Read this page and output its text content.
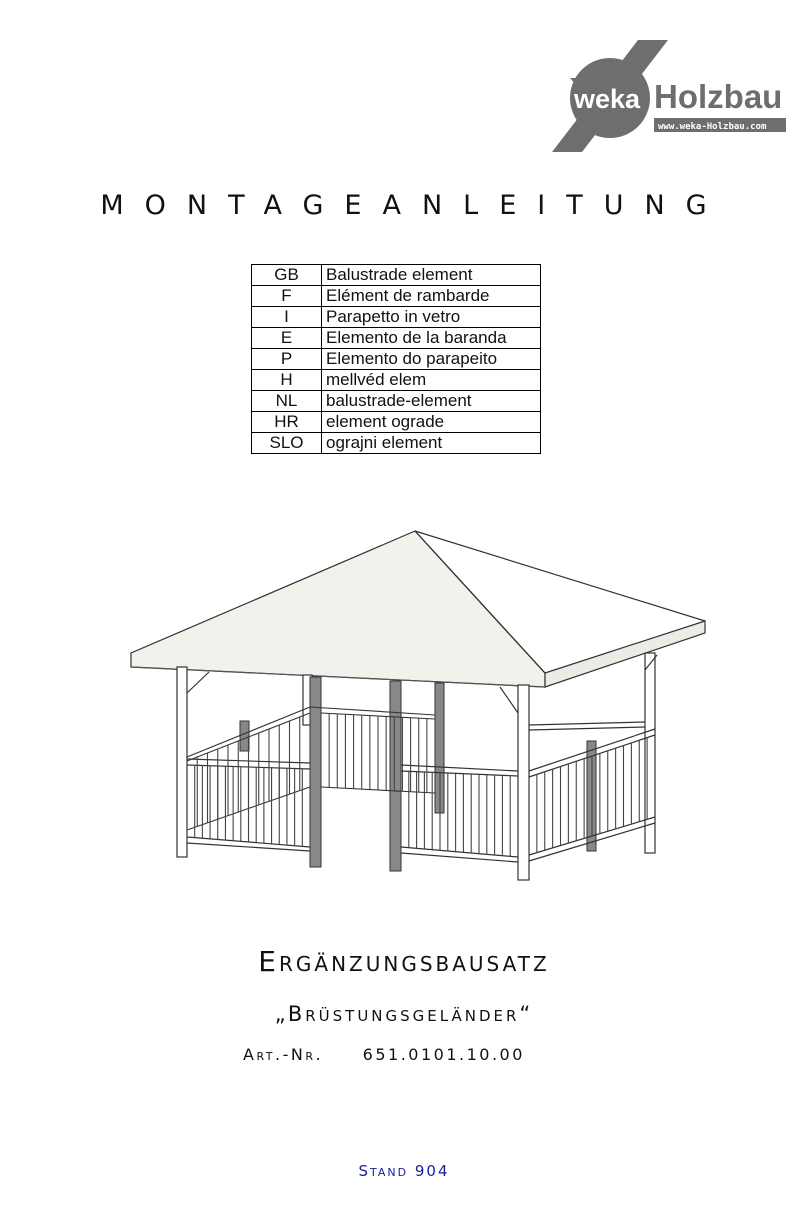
weka Holzbau
www.weka-Holzbau.com
MONTAGEANLEITUNG
GB	Balustrade element
F	Elément de rambarde
I	Parapetto in vetro
E	Elemento de la baranda
P	Elemento do parapeito
H	mellvéd elem
NL	balustrade-element
HR	element ograde
SLO	ograjni element
Ergänzungsbausatz
„Brüstungsgeländer“
Art.-Nr. 651.0101.10.00
Stand 904
